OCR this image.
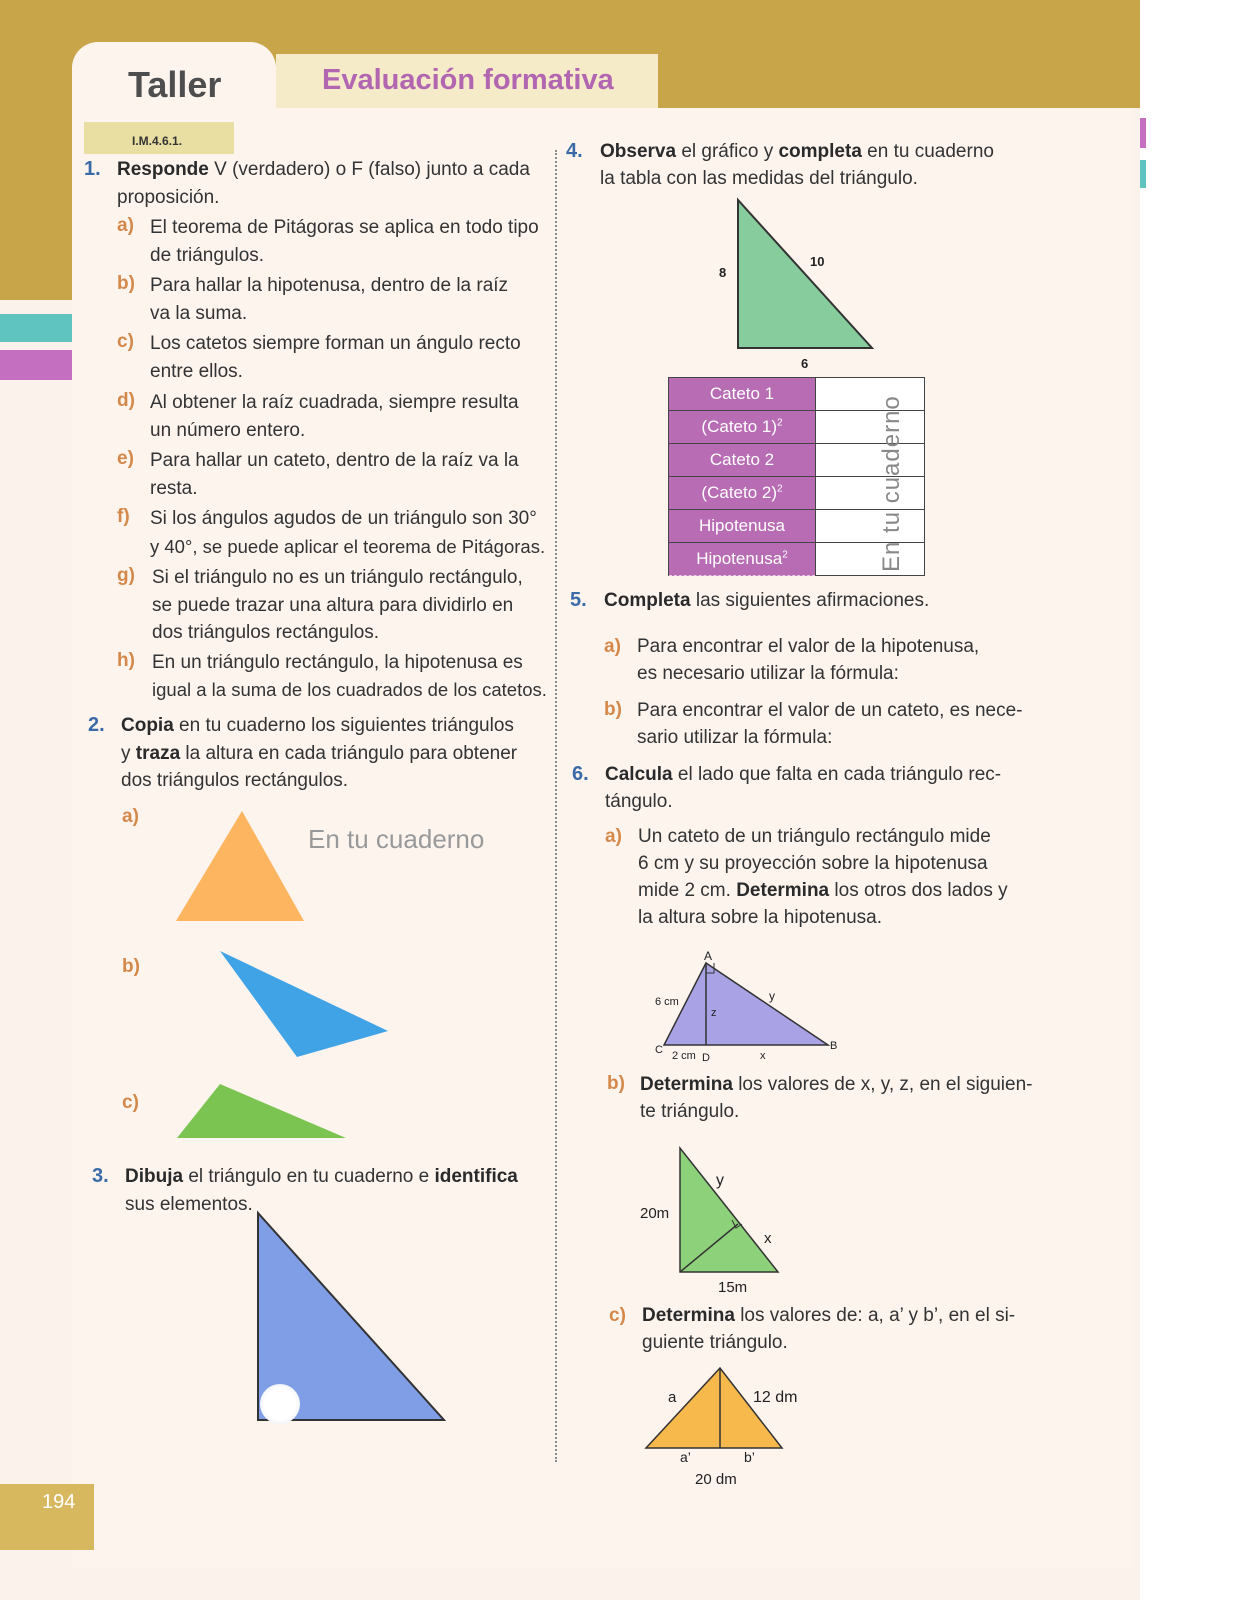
Taller	Evaluación formativa
I.M.4.6.1.
1. Responde V (verdadero) o F (falso) junto a cada
proposición.
a) El teorema de Pitágoras se aplica en todo tipo
de triángulos.
b) Para hallar la hipotenusa, dentro de la raíz
va la suma.
c) Los catetos siempre forman un ángulo recto
entre ellos.
d) Al obtener la raíz cuadrada, siempre resulta
un número entero.
e) Para hallar un cateto, dentro de la raíz va la
resta.
f) Si los ángulos agudos de un triángulo son 30°
y 40°, se puede aplicar el teorema de Pitágoras.
g) Si el triángulo no es un triángulo rectángulo,
se puede trazar una altura para dividirlo en
dos triángulos rectángulos.
h) En un triángulo rectángulo, la hipotenusa es
igual a la suma de los cuadrados de los catetos.
2. Copia en tu cuaderno los siguientes triángulos
y traza la altura en cada triángulo para obtener
dos triángulos rectángulos.
a)
En tu cuaderno
b)
c)
3. Dibuja el triángulo en tu cuaderno e identifica
sus elementos.
4. Observa el gráfico y completa en tu cuaderno
la tabla con las medidas del triángulo.
8
10
6
Cateto 1	
(Cateto 1)$^2$	
Cateto 2	
(Cateto 2)$^2$	
Hipotenusa	
Hipotenusa$^2$		En tu cuaderno
5. Completa las siguientes afirmaciones.
a) Para encontrar el valor de la hipotenusa,
es necesario utilizar la fórmula:
b) Para encontrar el valor de un cateto, es nece-
sario utilizar la fórmula:
6. Calcula el lado que falta en cada triángulo rec-
tángulo.
a) Un cateto de un triángulo rectángulo mide
6 cm y su proyección sobre la hipotenusa
mide 2 cm. Determina los otros dos lados y
la altura sobre la hipotenusa.
A
B
C
D
6 cm
2 cm
y
z
x
b) Determina los valores de x, y, z, en el siguien-
te triángulo.
20m
15m
y
x
c) Determina los valores de: a, a’ y b’, en el si-
guiente triángulo.
a	12 dm
a’	b’
20 dm
194
